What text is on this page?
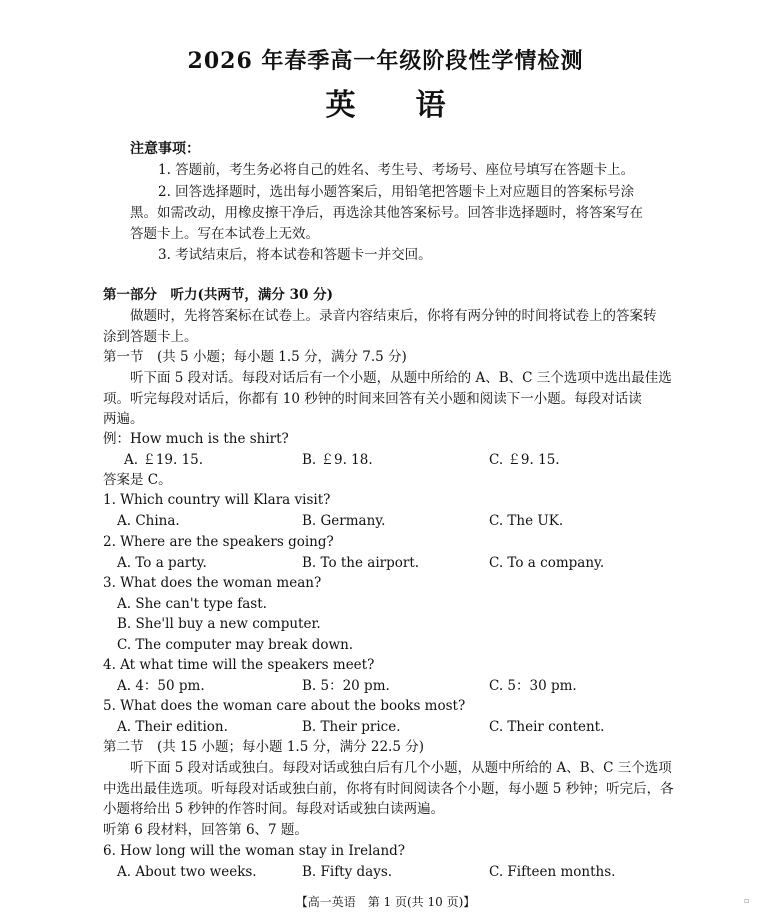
2026 年春季高一年级阶段性学情检测
英语
注意事项：
1. 答题前，考生务必将自己的姓名、考生号、考场号、座位号填写在答题卡上。
2. 回答选择题时，选出每小题答案后，用铅笔把答题卡上对应题目的答案标号涂
黑。如需改动，用橡皮擦干净后，再选涂其他答案标号。回答非选择题时，将答案写在
答题卡上。写在本试卷上无效。
3. 考试结束后，将本试卷和答题卡一并交回。
第一部分　听力(共两节，满分 30 分)
做题时，先将答案标在试卷上。录音内容结束后，你将有两分钟的时间将试卷上的答案转
涂到答题卡上。
第一节　(共 5 小题；每小题 1.5 分，满分 7.5 分)
听下面 5 段对话。每段对话后有一个小题，从题中所给的 A、B、C 三个选项中选出最佳选
项。听完每段对话后，你都有 10 秒钟的时间来回答有关小题和阅读下一小题。每段对话读
两遍。
例：How much is the shirt?
A. ￡19. 15.	B. ￡9. 18.	C. ￡9. 15.
答案是 C。
1. Which country will Klara visit?
A. China.	B. Germany.	C. The UK.
2. Where are the speakers going?
A. To a party.	B. To the airport.	C. To a company.
3. What does the woman mean?
A. She can't type fast.
B. She'll buy a new computer.
C. The computer may break down.
4. At what time will the speakers meet?
A. 4：50 pm.	B. 5：20 pm.	C. 5：30 pm.
5. What does the woman care about the books most?
A. Their edition.	B. Their price.	C. Their content.
第二节　(共 15 小题；每小题 1.5 分，满分 22.5 分)
听下面 5 段对话或独白。每段对话或独白后有几个小题，从题中所给的 A、B、C 三个选项
中选出最佳选项。听每段对话或独白前，你将有时间阅读各个小题，每小题 5 秒钟；听完后，各
小题将给出 5 秒钟的作答时间。每段对话或独白读两遍。
听第 6 段材料，回答第 6、7 题。
6. How long will the woman stay in Ireland?
A. About two weeks.	B. Fifty days.	C. Fifteen months.
【高一英语　第 1 页(共 10 页)】	▫
